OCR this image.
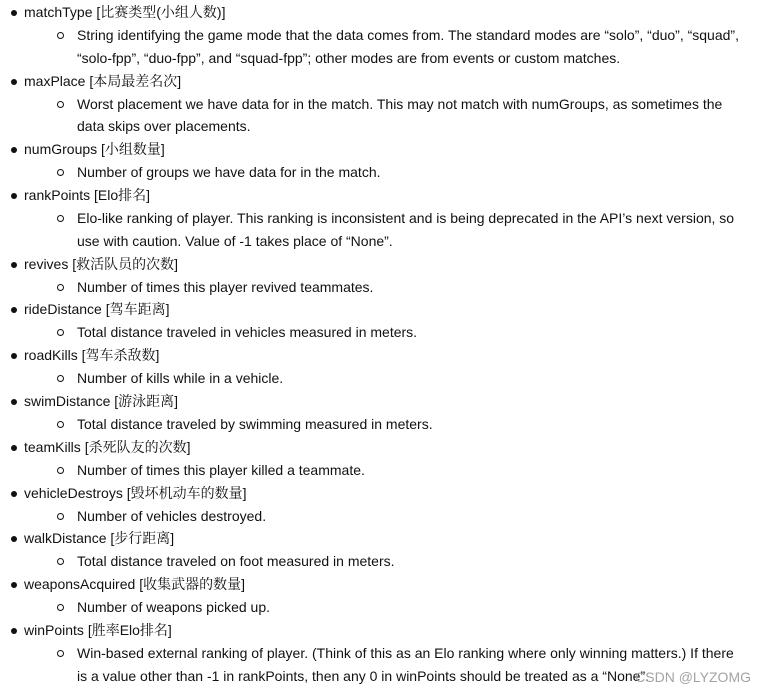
matchType [比赛类型(小组人数)]
String identifying the game mode that the data comes from. The standard modes are “solo”, “duo”, “squad”, “solo-fpp”, “duo-fpp”, and “squad-fpp”; other modes are from events or custom matches.
maxPlace [本局最差名次]
Worst placement we have data for in the match. This may not match with numGroups, as sometimes the data skips over placements.
numGroups [小组数量]
Number of groups we have data for in the match.
rankPoints [Elo排名]
Elo-like ranking of player. This ranking is inconsistent and is being deprecated in the API’s next version, so use with caution. Value of -1 takes place of “None”.
revives [救活队员的次数]
Number of times this player revived teammates.
rideDistance [驾车距离]
Total distance traveled in vehicles measured in meters.
roadKills [驾车杀敌数]
Number of kills while in a vehicle.
swimDistance [游泳距离]
Total distance traveled by swimming measured in meters.
teamKills [杀死队友的次数]
Number of times this player killed a teammate.
vehicleDestroys [毁坏机动车的数量]
Number of vehicles destroyed.
walkDistance [步行距离]
Total distance traveled on foot measured in meters.
weaponsAcquired [收集武器的数量]
Number of weapons picked up.
winPoints [胜率Elo排名]
Win-based external ranking of player. (Think of this as an Elo ranking where only winning matters.) If there is a value other than -1 in rankPoints, then any 0 in winPoints should be treated as a “None”.
CSDN @LYZOMG
